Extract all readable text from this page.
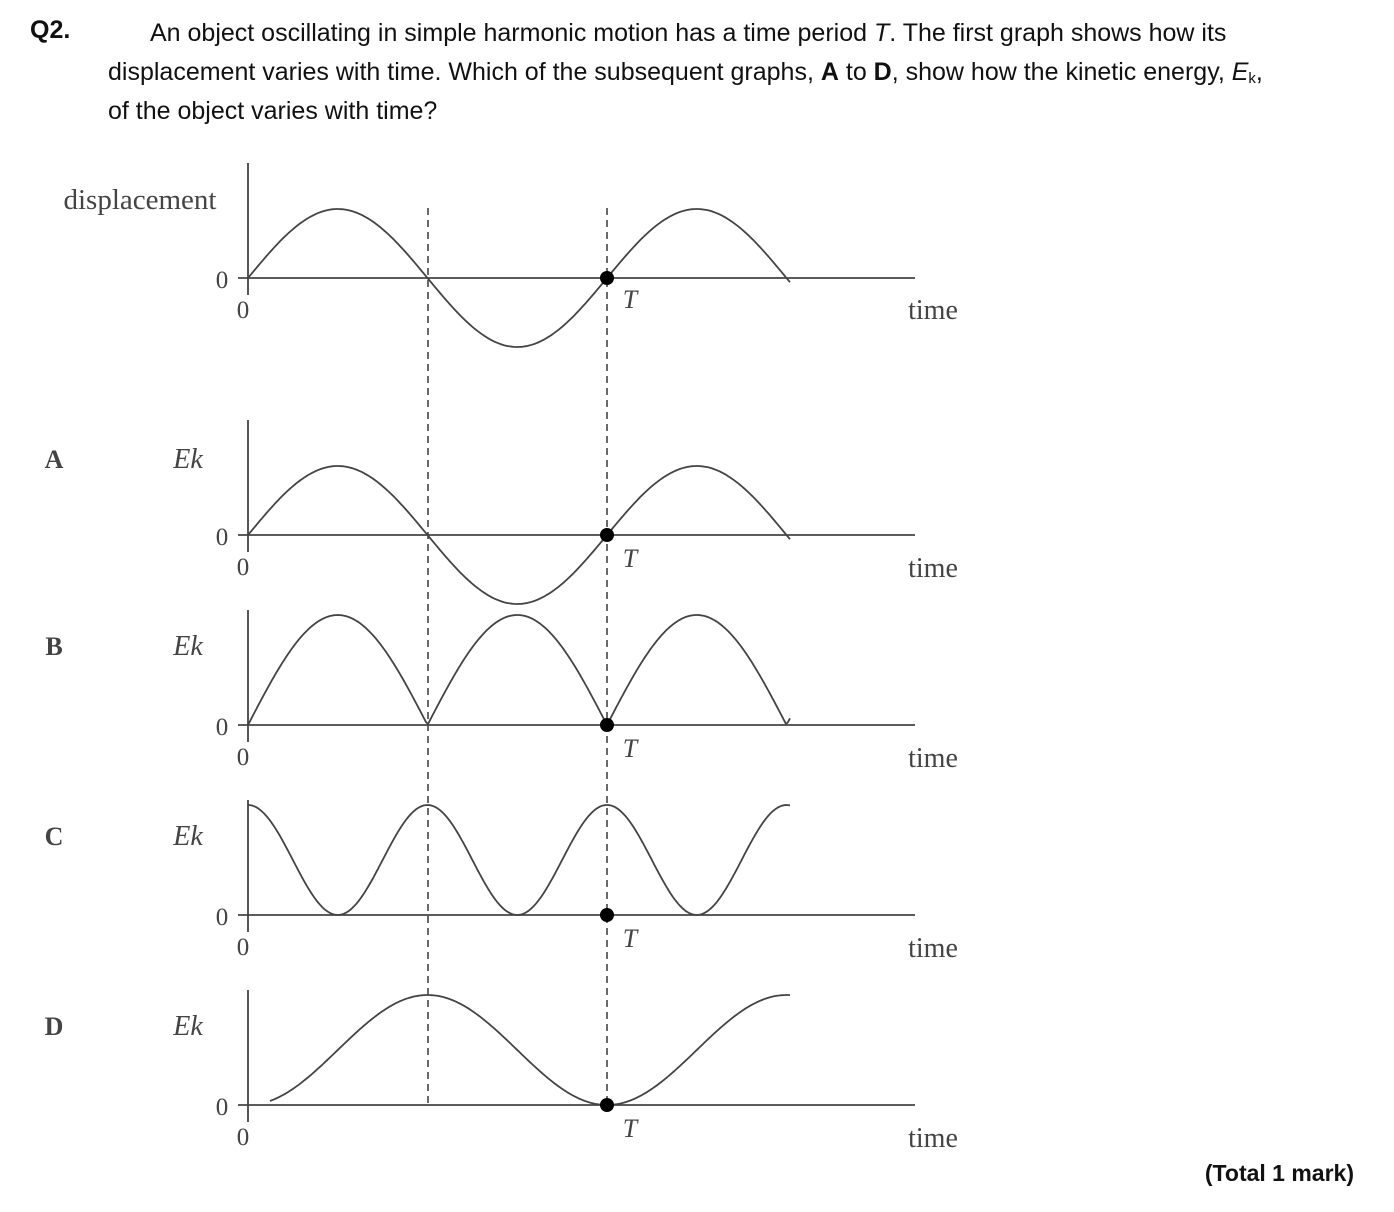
Q2.	An object oscillating in simple harmonic motion has a time period T. The first graph shows how its displacement varies with time. Which of the subsequent graphs, A to D, show how the kinetic energy, $E_k$, of the object varies with time?
displacement
0
0	T	time
A	Ek
0
0	T	time
B	Ek
0
0	T	time
C	Ek
0
0	T	time
D	Ek
0
0	T	time
(Total 1 mark)
